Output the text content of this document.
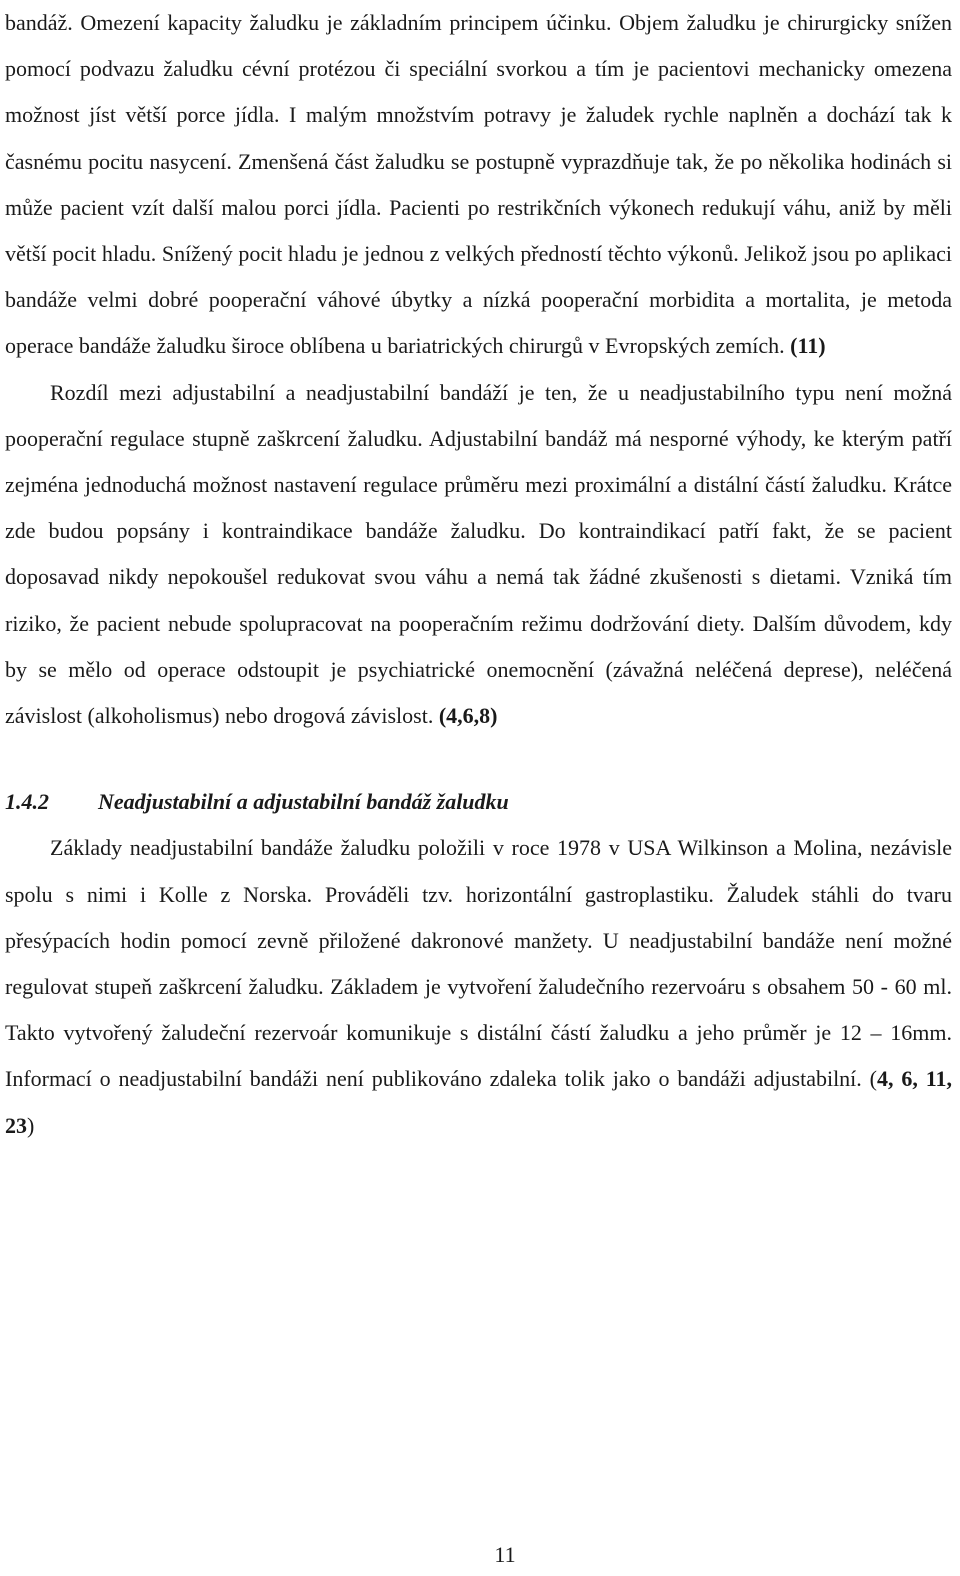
bandáž. Omezení kapacity žaludku je základním principem účinku. Objem žaludku je chirurgicky snížen pomocí podvazu žaludku cévní protézou či speciální svorkou a tím je pacientovi mechanicky omezena možnost jíst větší porce jídla. I malým množstvím potravy je žaludek rychle naplněn a dochází tak k časnému pocitu nasycení. Zmenšená část žaludku se postupně vyprazdňuje tak, že po několika hodinách si může pacient vzít další malou porci jídla. Pacienti po restrikčních výkonech redukují váhu, aniž by měli větší pocit hladu. Snížený pocit hladu je jednou z velkých předností těchto výkonů. Jelikož jsou po aplikaci bandáže velmi dobré pooperační váhové úbytky a nízká pooperační morbidita a mortalita, je metoda operace bandáže žaludku široce oblíbena u bariatrických chirurgů v Evropských zemích. (11)

Rozdíl mezi adjustabilní a neadjustabilní bandáží je ten, že u neadjustabilního typu není možná pooperační regulace stupně zaškrcení žaludku. Adjustabilní bandáž má nesporné výhody, ke kterým patří zejména jednoduchá možnost nastavení regulace průměru mezi proximální a distální částí žaludku. Krátce zde budou popsány i kontraindikace bandáže žaludku. Do kontraindikací patří fakt, že se pacient doposavad nikdy nepokoušel redukovat svou váhu a nemá tak žádné zkušenosti s dietami. Vzniká tím riziko, že pacient nebude spolupracovat na pooperačním režimu dodržování diety. Dalším důvodem, kdy by se mělo od operace odstoupit je psychiatrické onemocnění (závažná neléčená deprese), neléčená závislost (alkoholismus) nebo drogová závislost. (4,6,8)

1.4.2 Neadjustabilní a adjustabilní bandáž žaludku

Základy neadjustabilní bandáže žaludku položili v roce 1978 v USA Wilkinson a Molina, nezávisle spolu s nimi i Kolle z Norska. Prováděli tzv. horizontální gastroplastiku. Žaludek stáhli do tvaru přesýpacích hodin pomocí zevně přiložené dakronové manžety. U neadjustabilní bandáže není možné regulovat stupeň zaškrcení žaludku. Základem je vytvoření žaludečního rezervoáru s obsahem 50 - 60 ml. Takto vytvořený žaludeční rezervoár komunikuje s distální částí žaludku a jeho průměr je 12 – 16mm. Informací o neadjustabilní bandáži není publikováno zdaleka tolik jako o bandáži adjustabilní. (4, 6, 11, 23)

11
